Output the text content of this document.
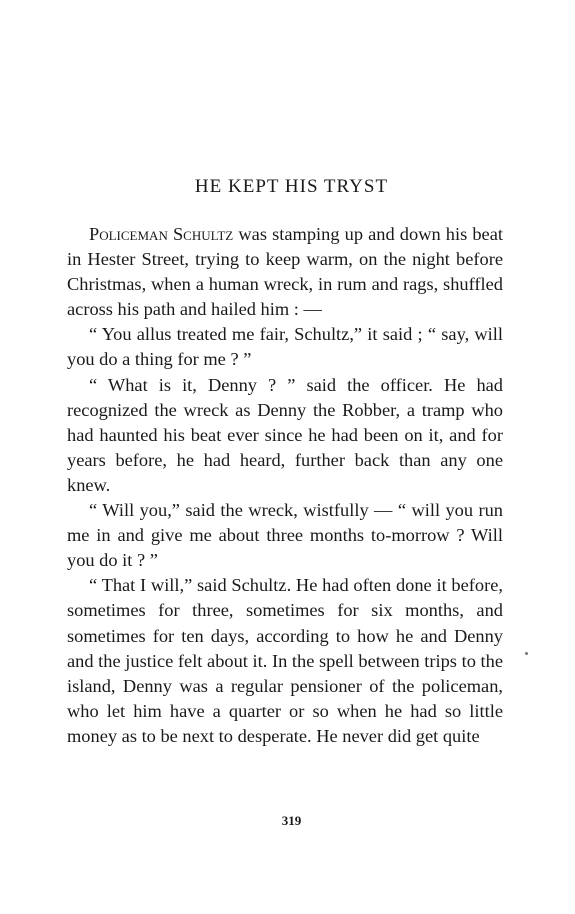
HE KEPT HIS TRYST

Policeman Schultz was stamping up and down his beat in Hester Street, trying to keep warm, on the night before Christmas, when a human wreck, in rum and rags, shuffled across his path and hailed him : —

“ You allus treated me fair, Schultz,” it said ; “ say, will you do a thing for me ? ”

“ What is it, Denny ? ” said the officer. He had recognized the wreck as Denny the Robber, a tramp who had haunted his beat ever since he had been on it, and for years before, he had heard, further back than any one knew.

“ Will you,” said the wreck, wistfully — “ will you run me in and give me about three months to-morrow ? Will you do it ? ”

“ That I will,” said Schultz. He had often done it before, sometimes for three, sometimes for six months, and sometimes for ten days, according to how he and Denny and the justice felt about it. In the spell between trips to the island, Denny was a regular pensioner of the policeman, who let him have a quarter or so when he had so little money as to be next to desperate. He never did get quite

319
